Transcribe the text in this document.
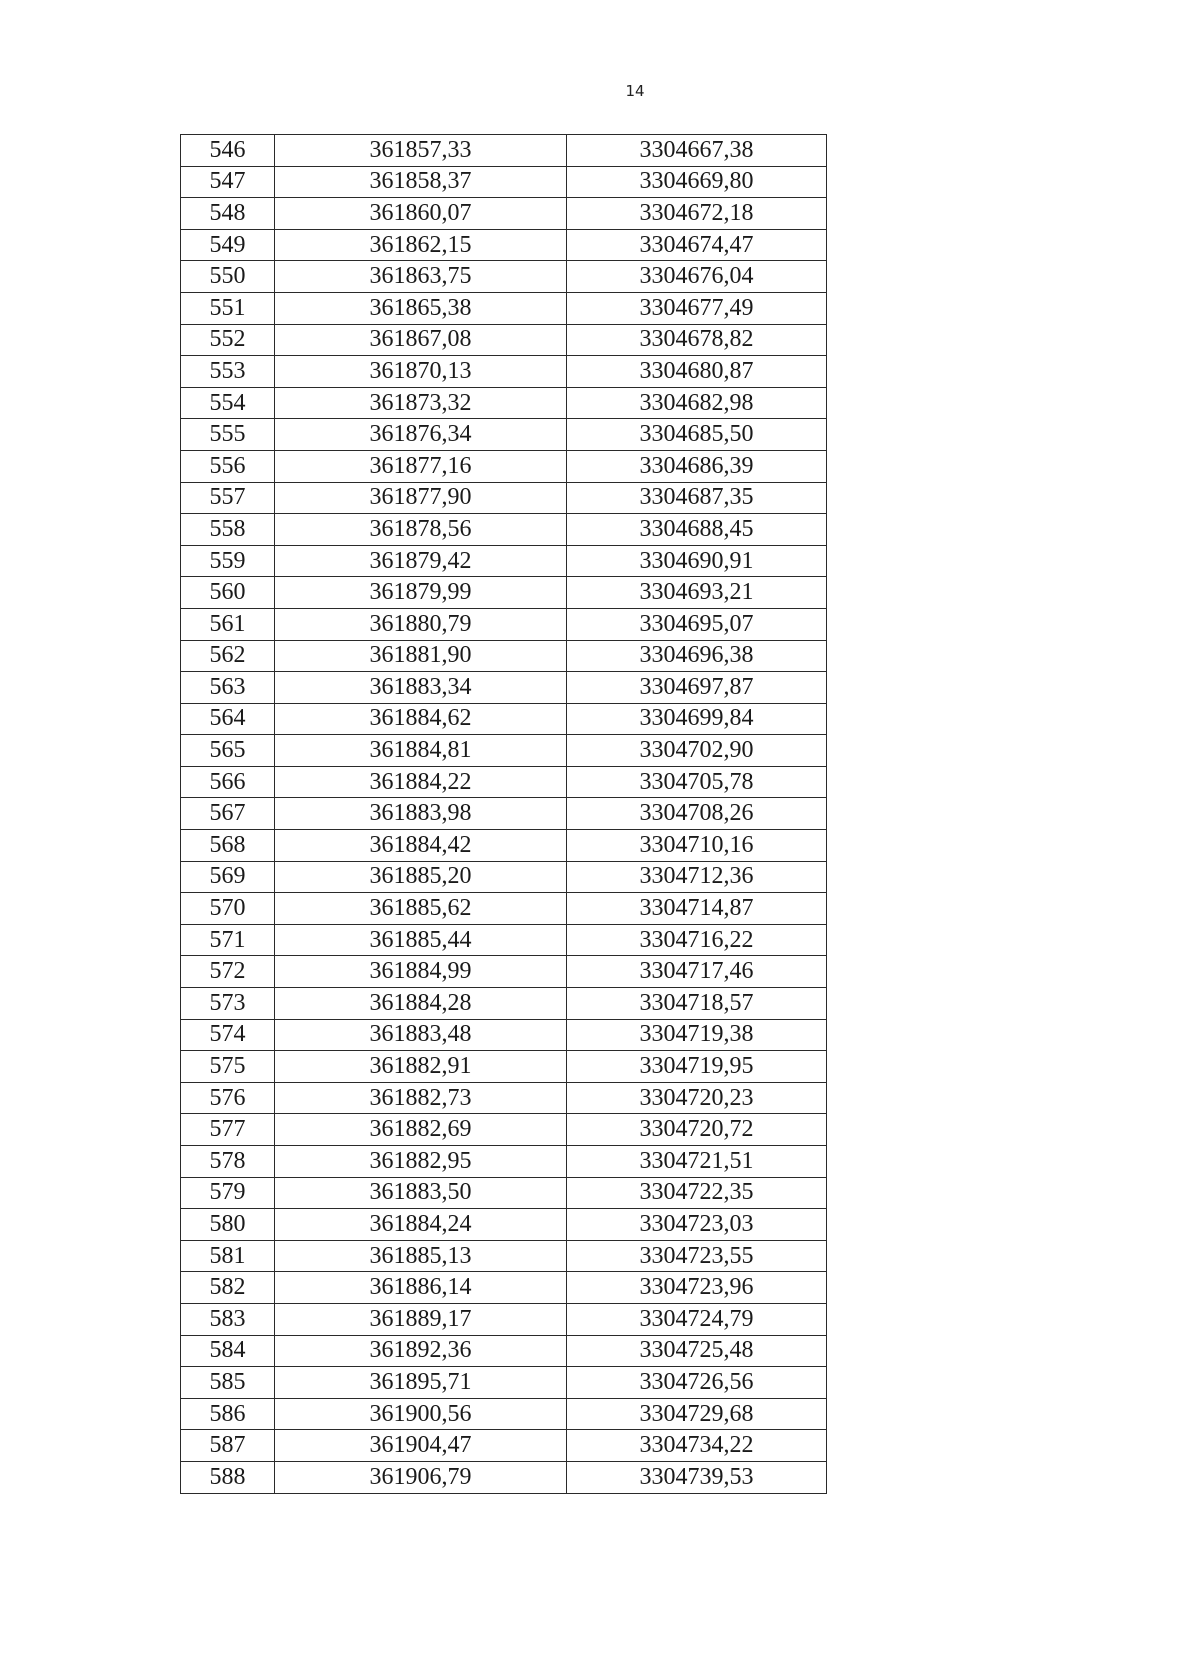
14
546	361857,33	3304667,38
547	361858,37	3304669,80
548	361860,07	3304672,18
549	361862,15	3304674,47
550	361863,75	3304676,04
551	361865,38	3304677,49
552	361867,08	3304678,82
553	361870,13	3304680,87
554	361873,32	3304682,98
555	361876,34	3304685,50
556	361877,16	3304686,39
557	361877,90	3304687,35
558	361878,56	3304688,45
559	361879,42	3304690,91
560	361879,99	3304693,21
561	361880,79	3304695,07
562	361881,90	3304696,38
563	361883,34	3304697,87
564	361884,62	3304699,84
565	361884,81	3304702,90
566	361884,22	3304705,78
567	361883,98	3304708,26
568	361884,42	3304710,16
569	361885,20	3304712,36
570	361885,62	3304714,87
571	361885,44	3304716,22
572	361884,99	3304717,46
573	361884,28	3304718,57
574	361883,48	3304719,38
575	361882,91	3304719,95
576	361882,73	3304720,23
577	361882,69	3304720,72
578	361882,95	3304721,51
579	361883,50	3304722,35
580	361884,24	3304723,03
581	361885,13	3304723,55
582	361886,14	3304723,96
583	361889,17	3304724,79
584	361892,36	3304725,48
585	361895,71	3304726,56
586	361900,56	3304729,68
587	361904,47	3304734,22
588	361906,79	3304739,53
